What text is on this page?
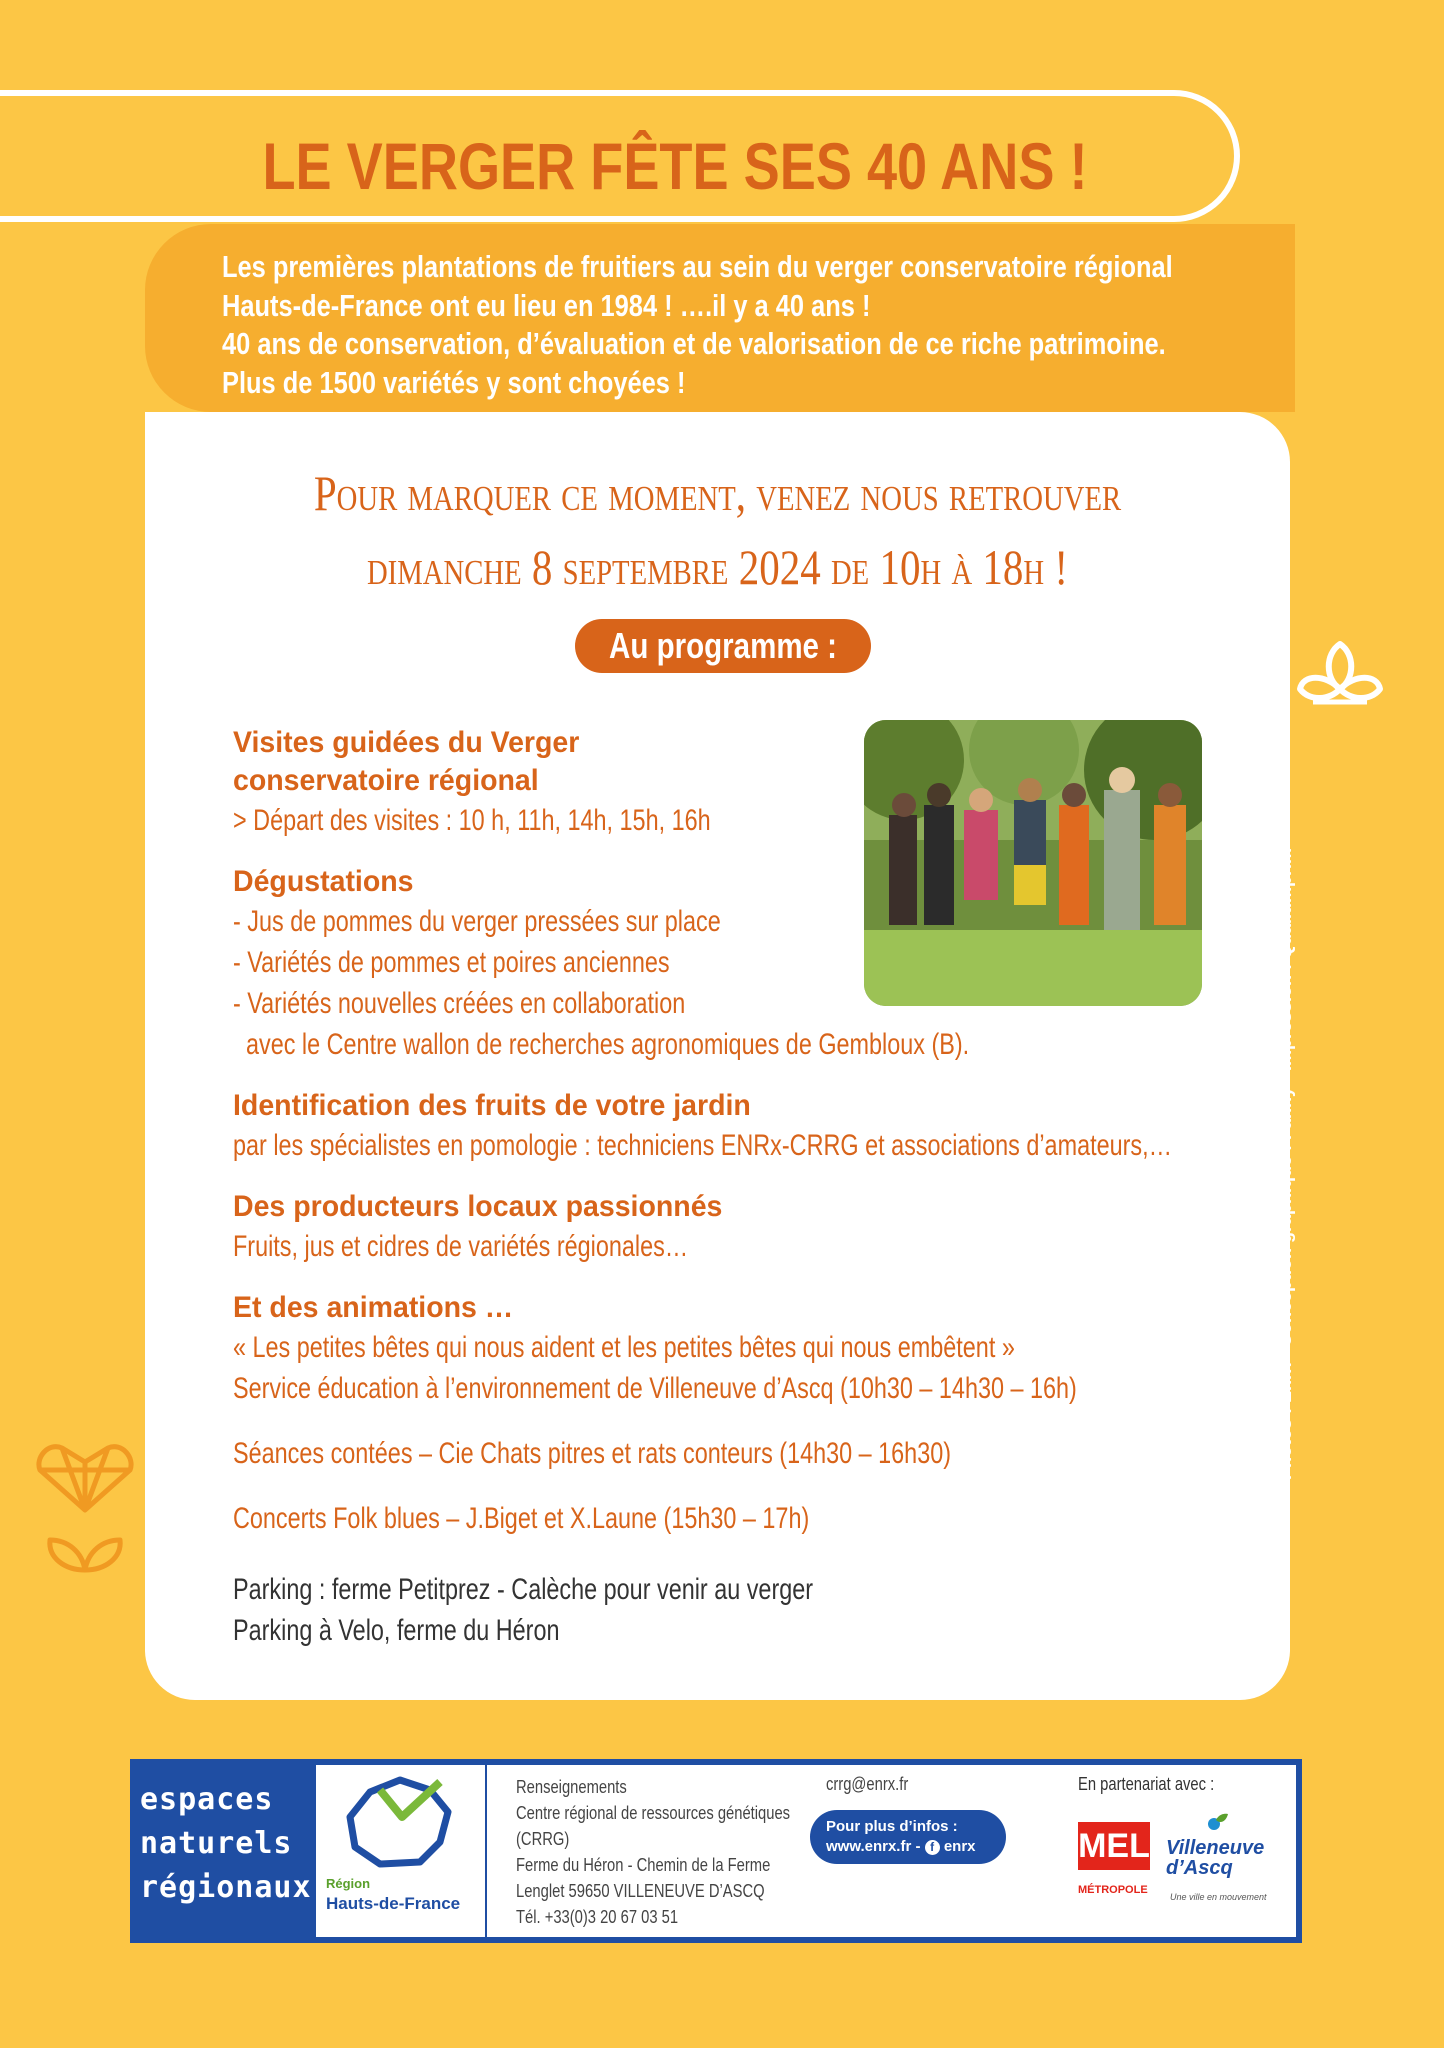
LE VERGER FÊTE SES 40 ANS !
Les premières plantations de fruitiers au sein du verger conservatoire régional
Hauts-de-France ont eu lieu en 1984 ! ….il y a 40 ans !
40 ans de conservation, d’évaluation et de valorisation de ce riche patrimoine.
Plus de 1500 variétés y sont choyées !
Pour marquer ce moment, venez nous retrouver
dimanche 8 septembre 2024 de 10h à 18h !
Au programme :
Visites guidées du Verger
conservatoire régional
> Départ des visites : 10 h, 11h, 14h, 15h, 16h
Dégustations
- Jus de pommes du verger pressées sur place
- Variétés de pommes et poires anciennes
- Variétés nouvelles créées en collaboration
avec le Centre wallon de recherches agronomiques de Gembloux (B).
Identification des fruits de votre jardin
par les spécialistes en pomologie : techniciens ENRx-CRRG et associations d’amateurs,…
Des producteurs locaux passionnés
Fruits, jus et cidres de variétés régionales…
Et des animations …
« Les petites bêtes qui nous aident et les petites bêtes qui nous embêtent »
Service éducation à l’environnement de Villeneuve d’Ascq (10h30 – 14h30 – 16h)
Séances contées – Cie Chats pitres et rats conteurs (14h30 – 16h30)
Concerts Folk blues – J.Biget et X.Laune (15h30 – 17h)
Parking : ferme Petitprez - Calèche pour venir au verger
Parking à Velo, ferme du Héron
Photos : Enrx - Conception graphique : Fanny - Impression : Qualitimprim
espaces
naturels
régionaux Région
Hauts-de-France
Renseignements
Centre régional de ressources génétiques
(CRRG)
Ferme du Héron - Chemin de la Ferme
Lenglet 59650 VILLENEUVE D’ASCQ
Tél. +33(0)3 20 67 03 51
crrg@enrx.fr
Pour plus d’infos :
www.enrx.fr - f enrx
En partenariat avec :
MEL
MÉTROPOLE
Villeneuve
d’Ascq
Une ville en mouvement
